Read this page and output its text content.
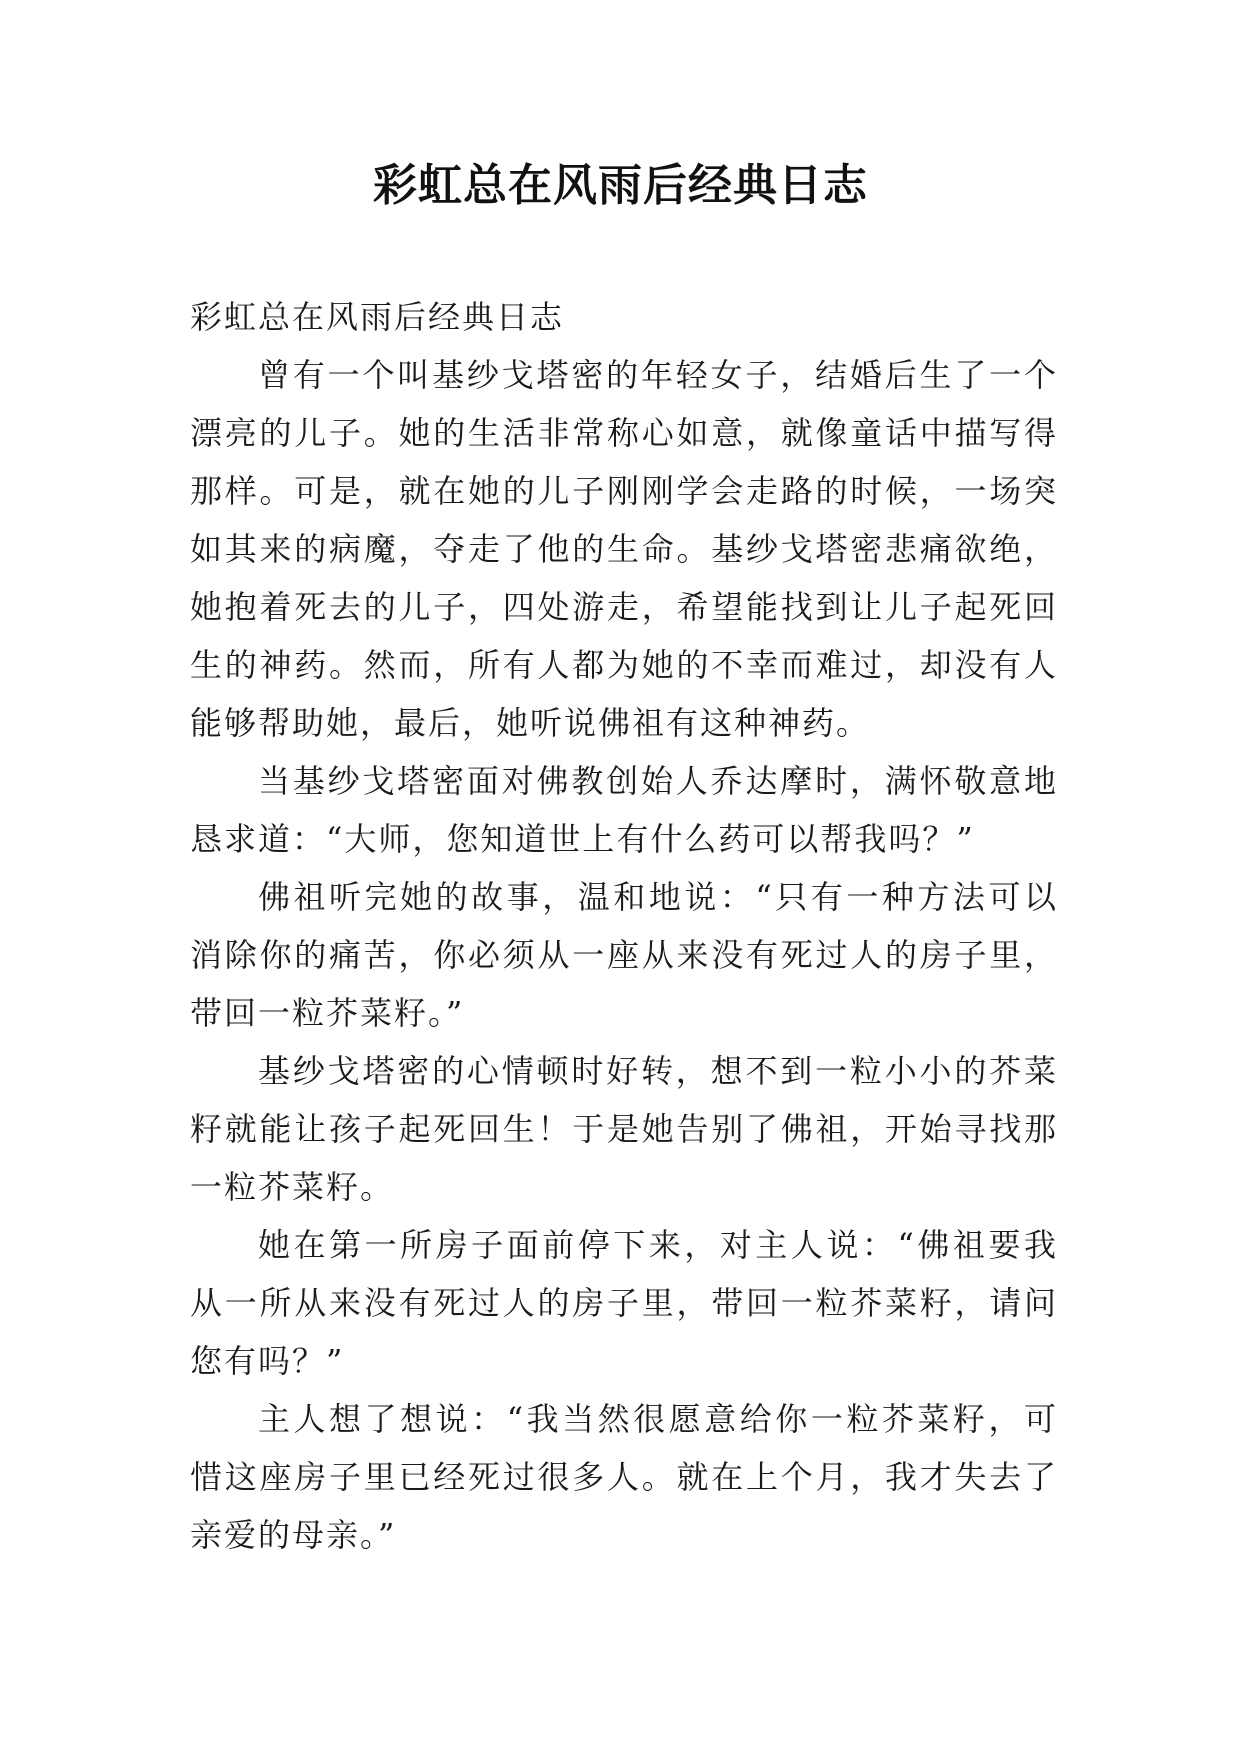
彩虹总在风雨后经典日志

彩虹总在风雨后经典日志

曾有一个叫基纱戈塔密的年轻女子，结婚后生了一个漂亮的儿子。她的生活非常称心如意，就像童话中描写得那样。可是，就在她的儿子刚刚学会走路的时候，一场突如其来的病魔，夺走了他的生命。基纱戈塔密悲痛欲绝，她抱着死去的儿子，四处游走，希望能找到让儿子起死回生的神药。然而，所有人都为她的不幸而难过，却没有人能够帮助她，最后，她听说佛祖有这种神药。

当基纱戈塔密面对佛教创始人乔达摩时，满怀敬意地恳求道：“大师，您知道世上有什么药可以帮我吗？”

佛祖听完她的故事，温和地说：“只有一种方法可以消除你的痛苦，你必须从一座从来没有死过人的房子里，带回一粒芥菜籽。”

基纱戈塔密的心情顿时好转，想不到一粒小小的芥菜籽就能让孩子起死回生！于是她告别了佛祖，开始寻找那一粒芥菜籽。

她在第一所房子面前停下来，对主人说：“佛祖要我从一所从来没有死过人的房子里，带回一粒芥菜籽，请问您有吗？”

主人想了想说：“我当然很愿意给你一粒芥菜籽，可惜这座房子里已经死过很多人。就在上个月，我才失去了亲爱的母亲。”
